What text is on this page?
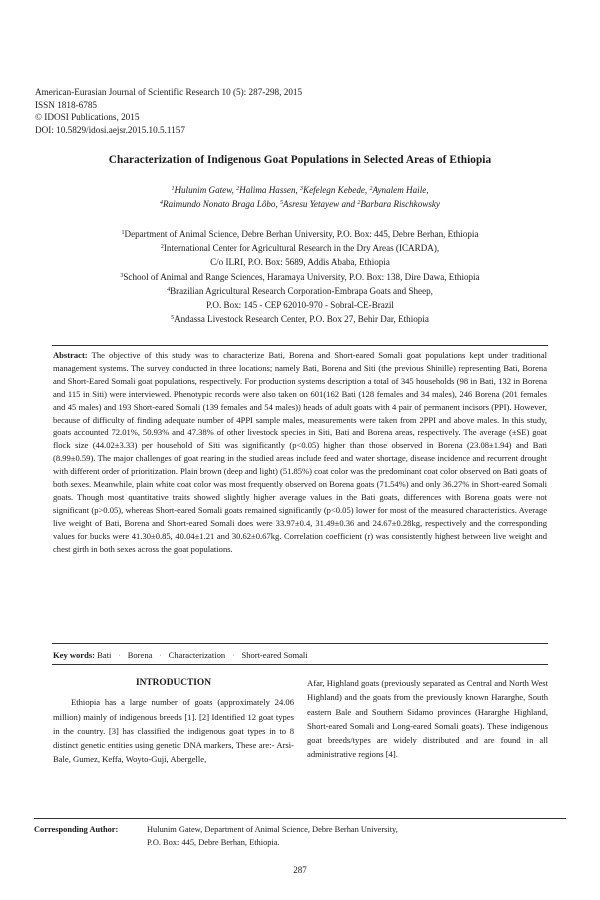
American-Eurasian Journal of Scientific Research 10 (5): 287-298, 2015
ISSN 1818-6785
© IDOSI Publications, 2015
DOI: 10.5829/idosi.aejsr.2015.10.5.1157
Characterization of Indigenous Goat Populations in Selected Areas of Ethiopia
$^1$Hulunim Gatew, $^2$Halima Hassen, $^3$Kefelegn Kebede, $^2$Aynalem Haile,
$^4$Raimundo Nonato Braga Lôbo, $^5$Asresu Yetayew and $^2$Barbara Rischkowsky
$^1$Department of Animal Science, Debre Berhan University, P.O. Box: 445, Debre Berhan, Ethiopia
$^2$International Center for Agricultural Research in the Dry Areas (ICARDA),
C/o ILRI, P.O. Box: 5689, Addis Ababa, Ethiopia
$^3$School of Animal and Range Sciences, Haramaya University, P.O. Box: 138, Dire Dawa, Ethiopia
$^4$Brazilian Agricultural Research Corporation-Embrapa Goats and Sheep,
P.O. Box: 145 - CEP 62010-970 - Sobral-CE-Brazil
$^5$Andassa Livestock Research Center, P.O. Box 27, Behir Dar, Ethiopia

Abstract: The objective of this study was to characterize Bati, Borena and Short-eared Somali goat populations kept under traditional management systems. The survey conducted in three locations; namely Bati, Borena and Siti (the previous Shinille) representing Bati, Borena and Short-Eared Somali goat populations, respectively. For production systems description a total of 345 households (98 in Bati, 132 in Borena and 115 in Siti) were interviewed. Phenotypic records were also taken on 601(162 Bati (128 females and 34 males), 246 Borena (201 females and 45 males) and 193 Short-eared Somali (139 females and 54 males)) heads of adult goats with 4 pair of permanent incisors (PPI). However, because of difficulty of finding adequate number of 4PPI sample males, measurements were taken from 2PPI and above males. In this study, goats accounted 72.01%, 50.93% and 47.38% of other livestock species in Siti, Bati and Borena areas, respectively. The average (±SE) goat flock size (44.02±3.33) per household of Siti was significantly (p<0.05) higher than those observed in Borena (23.08±1.94) and Bati (8.99±0.59). The major challenges of goat rearing in the studied areas include feed and water shortage, disease incidence and recurrent drought with different order of prioritization. Plain brown (deep and light) (51.85%) coat color was the predominant coat color observed on Bati goats of both sexes. Meanwhile, plain white coat color was most frequently observed on Borena goats (71.54%) and only 36.27% in Short-eared Somali goats. Though most quantitative traits showed slightly higher average values in the Bati goats, differences with Borena goats were not significant (p>0.05), whereas Short-eared Somali goats remained significantly (p<0.05) lower for most of the measured characteristics. Average live weight of Bati, Borena and Short-eared Somali does were 33.97±0.4, 31.49±0.36 and 24.67±0.28kg, respectively and the corresponding values for bucks were 41.30±0.85, 40.04±1.21 and 30.62±0.67kg. Correlation coefficient (r) was consistently highest between live weight and chest girth in both sexes across the goat populations.

Key words: Bati · Borena · Characterization · Short-eared Somali

INTRODUCTION

Ethiopia has a large number of goats (approximately 24.06 million) mainly of indigenous breeds [1]. [2] Identified 12 goat types in the country. [3] has classified the indigenous goat types in to 8 distinct genetic entities using genetic DNA markers, These are:- Arsi-Bale, Gumez, Keffa, Woyto-Guji, Abergelle,

Afar, Highland goats (previously separated as Central and North West Highland) and the goats from the previously known Hararghe, South eastern Bale and Southern Sidamo provinces (Hararghe Highland, Short-eared Somali and Long-eared Somali goats). These indigenous goat breeds/types are widely distributed and are found in all administrative regions [4].

Corresponding Author:	Hulunim Gatew, Department of Animal Science, Debre Berhan University,
P.O. Box: 445, Debre Berhan, Ethiopia.
287
